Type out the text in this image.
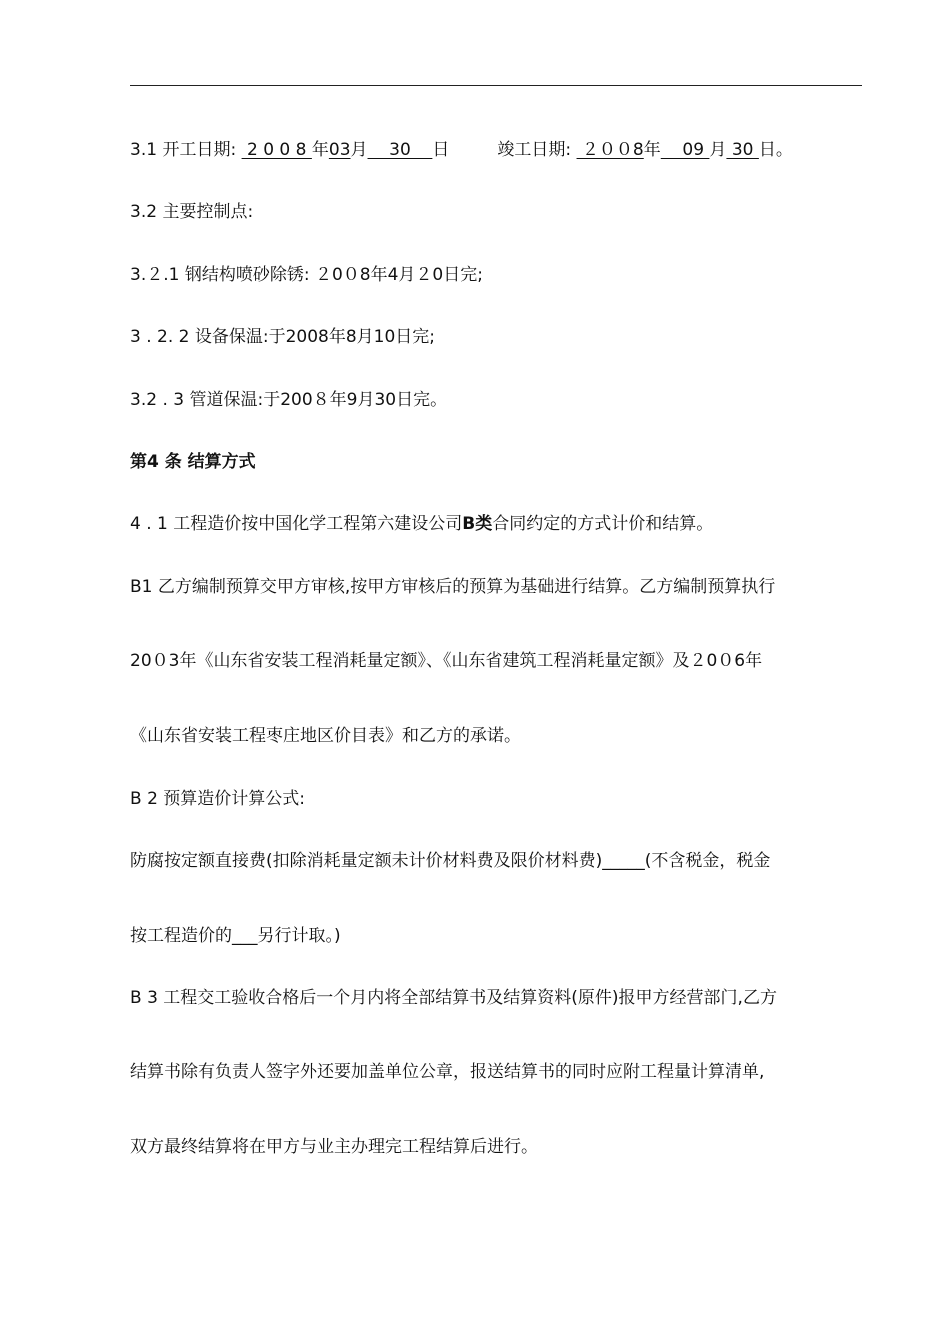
3.1 开工日期:  2 0 0 8 年03月    30    日	竣工日期:  ２００8年    09 月 30 日。
3.2 主要控制点:
3.２.1 钢结构喷砂除锈: ２0０8年4月２0日完;
3 . 2. 2 设备保温:于2008年8月10日完;
3.2 . 3 管道保温:于200８年9月30日完。
第4 条 结算方式
4 . 1 工程造价按中国化学工程第六建设公司B类合同约定的方式计价和结算。
B1 乙方编制预算交甲方审核,按甲方审核后的预算为基础进行结算。乙方编制预算执行
20０3年《山东省安装工程消耗量定额》、《山东省建筑工程消耗量定额》及２0０6年
《山东省安装工程枣庄地区价目表》和乙方的承诺。
B 2 预算造价计算公式:
防腐按定额直接费(扣除消耗量定额未计价材料费及限价材料费)_____(不含税金，税金
按工程造价的___另行计取。)
B 3 工程交工验收合格后一个月内将全部结算书及结算资料(原件)报甲方经营部门,乙方
结算书除有负责人签字外还要加盖单位公章，报送结算书的同时应附工程量计算清单,
双方最终结算将在甲方与业主办理完工程结算后进行。
